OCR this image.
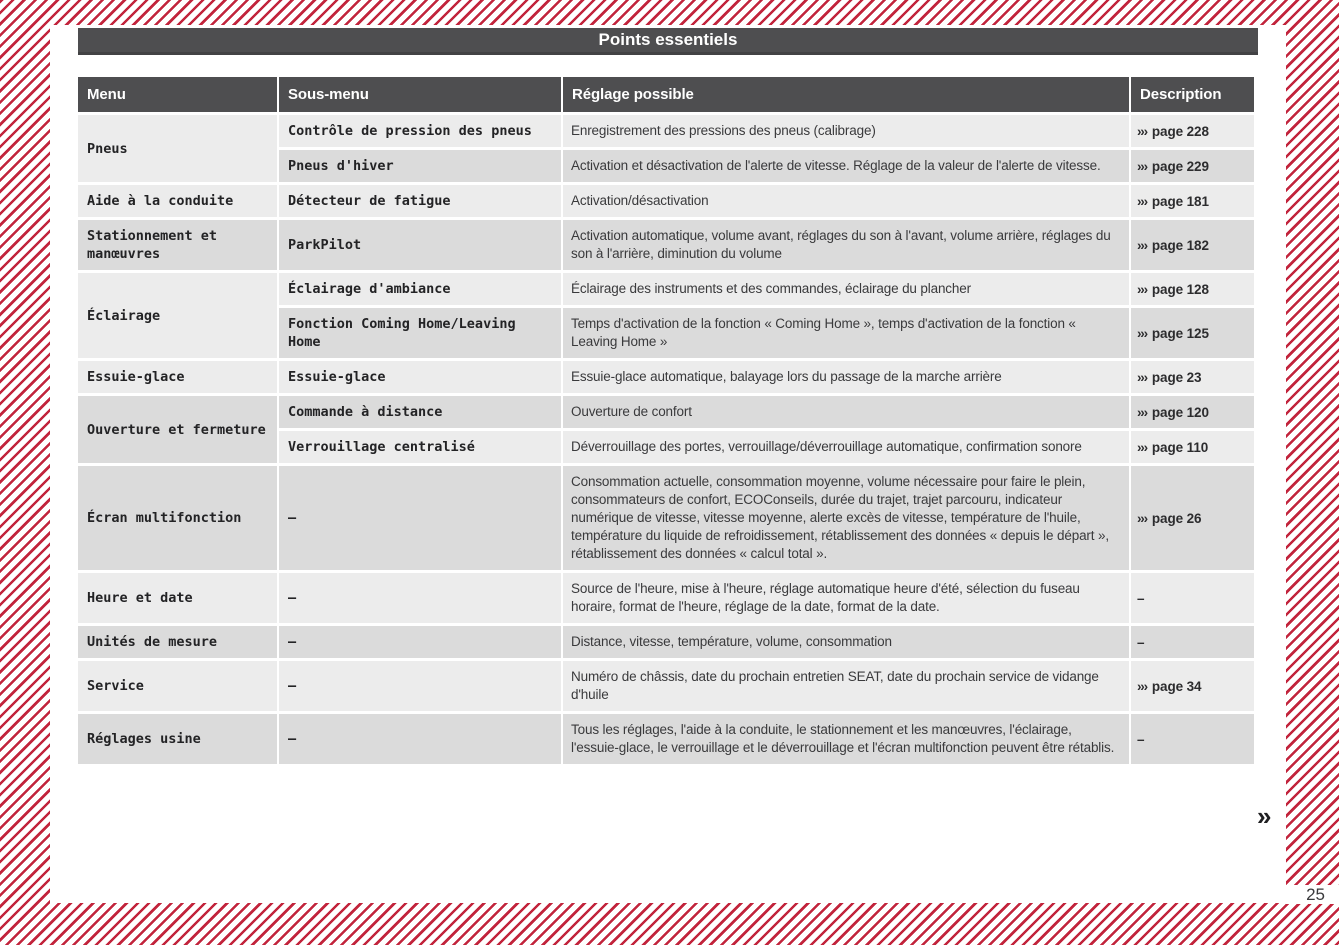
25
Points essentiels
Menu	Sous-menu	Réglage possible	Description
Pneus	Contrôle de pression des pneus	Enregistrement des pressions des pneus (calibrage)	››› page 228
	Pneus d'hiver	Activation et désactivation de l'alerte de vitesse. Réglage de la valeur de l'alerte de vitesse.	››› page 229
Aide à la conduite	Détecteur de fatigue	Activation/désactivation	››› page 181
Stationnement et manœuvres	ParkPilot	Activation automatique, volume avant, réglages du son à l'avant, volume arrière, réglages du son à l'arrière, diminution du volume	››› page 182
Éclairage	Éclairage d'ambiance	Éclairage des instruments et des commandes, éclairage du plancher	››› page 128
	Fonction Coming Home/Leaving Home	Temps d'activation de la fonction « Coming Home », temps d'activation de la fonction « Leaving Home »	››› page 125
Essuie-glace	Essuie-glace	Essuie-glace automatique, balayage lors du passage de la marche arrière	››› page 23
Ouverture et fermeture	Commande à distance	Ouverture de confort	››› page 120
	Verrouillage centralisé	Déverrouillage des portes, verrouillage/déverrouillage automatique, confirmation sonore	››› page 110
Écran multifonction	–	Consommation actuelle, consommation moyenne, volume nécessaire pour faire le plein, consommateurs de confort, ECOConseils, durée du trajet, trajet parcouru, indicateur numérique de vitesse, vitesse moyenne, alerte excès de vitesse, température de l'huile, température du liquide de refroidissement, rétablissement des données « depuis le départ », rétablissement des données « calcul total ».	››› page 26
Heure et date	–	Source de l'heure, mise à l'heure, réglage automatique heure d'été, sélection du fuseau horaire, format de l'heure, réglage de la date, format de la date.	–
Unités de mesure	–	Distance, vitesse, température, volume, consommation	–
Service	–	Numéro de châssis, date du prochain entretien SEAT, date du prochain service de vidange d'huile	››› page 34
Réglages usine	–	Tous les réglages, l'aide à la conduite, le stationnement et les manœuvres, l'éclairage, l'essuie-glace, le verrouillage et le déverrouillage et l'écran multifonction peuvent être rétablis.	–
»
